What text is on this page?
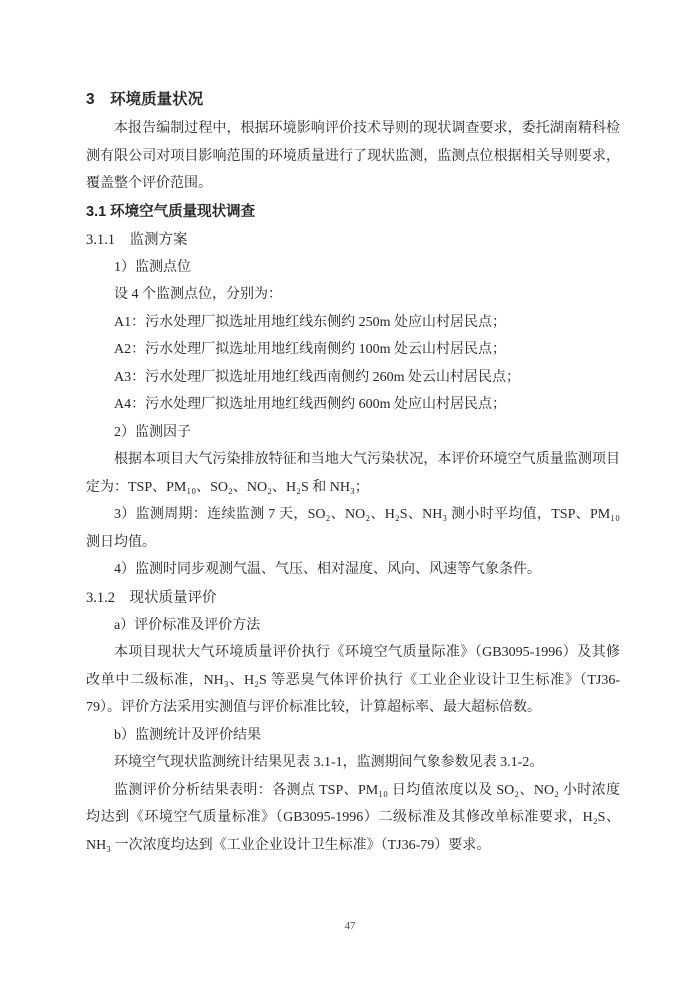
3　环境质量状况

本报告编制过程中，根据环境影响评价技术导则的现状调查要求，委托湖南精科检测有限公司对项目影响范围的环境质量进行了现状监测，监测点位根据相关导则要求，覆盖整个评价范围。

3.1 环境空气质量现状调查

3.1.1　监测方案

1）监测点位

设 4 个监测点位，分别为：

A1：污水处理厂拟选址用地红线东侧约 250m 处应山村居民点；

A2：污水处理厂拟选址用地红线南侧约 100m 处云山村居民点；

A3：污水处理厂拟选址用地红线西南侧约 260m 处云山村居民点；

A4：污水处理厂拟选址用地红线西侧约 600m 处应山村居民点；

2）监测因子

根据本项目大气污染排放特征和当地大气污染状况，本评价环境空气质量监测项目定为：TSP、PM₁₀、SO₂、NO₂、H₂S 和 NH₃；

3）监测周期：连续监测 7 天，SO₂、NO₂、H₂S、NH₃ 测小时平均值，TSP、PM₁₀ 测日均值。

4）监测时同步观测气温、气压、相对湿度、风向、风速等气象条件。

3.1.2　现状质量评价

a）评价标准及评价方法

本项目现状大气环境质量评价执行《环境空气质量际准》（GB3095-1996）及其修改单中二级标准，NH₃、H₂S 等恶臭气体评价执行《工业企业设计卫生标准》（TJ36-79）。评价方法采用实测值与评价标准比较，计算超标率、最大超标倍数。

b）监测统计及评价结果

环境空气现状监测统计结果见表 3.1-1，监测期间气象参数见表 3.1-2。

监测评价分析结果表明：各测点 TSP、PM₁₀ 日均值浓度以及 SO₂、NO₂ 小时浓度均达到《环境空气质量标准》（GB3095-1996）二级标准及其修改单标准要求，H₂S、NH₃ 一次浓度均达到《工业企业设计卫生标准》（TJ36-79）要求。

47
